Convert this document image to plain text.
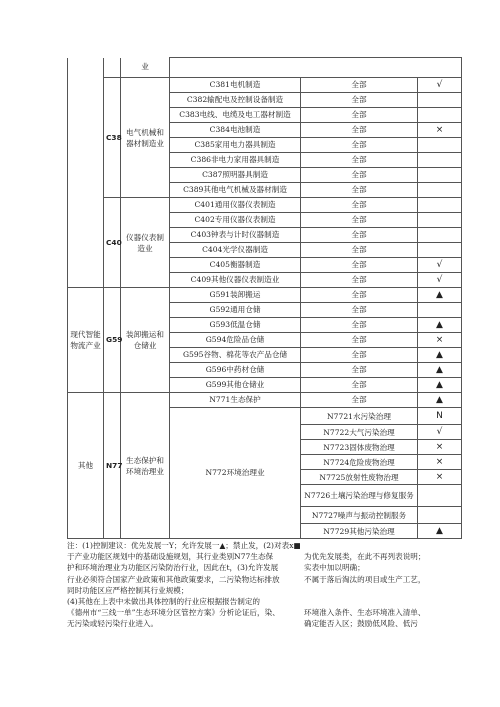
		业			
	C38	电气机械和器材制造业	C381电机制造	全部	√
			C382输配电及控制设备制造	全部	
			C383电线、电缆及电工器材制造	全部	
			C384电池制造	全部	×
			C385家用电力器具制造	全部	
			C386非电力家用器具制造	全部	
			C387照明器具制造	全部	
			C389其他电气机械及器材制造	全部	
	C40	仪器仪表制造业	C401通用仪器仪表制造	全部	
			C402专用仪器仪表制造	全部	
			C403钟表与计时仪器制造	全部	
			C404光学仪器制造	全部	
			C405衡器制造	全部	√
			C409其他仪器仪表制造业	全部	√
现代智能物流产业	G59	装卸搬运和仓储业	G591装卸搬运	全部	▲
			G592通用仓储	全部	
			G593低温仓储	全部	▲
			G594危险品仓储	全部	×
			G595谷物、棉花等农产品仓储	全部	▲
			G596中药材仓储	全部	▲
			G599其他仓储业	全部	▲
其他	N77	生态保护和环境治理业	N771生态保护	全部	▲
			N772环境治理业	N7721水污染治理	N
				N7722大气污染治理	√
				N7723固体废物治理	×
				N7724危险废物治理	×
				N7725放射性废物治理	×
				N7726土壤污染治理与修复服务	
				N7727噪声与振动控制服务	
				N7729其他污染治理	▲
注：(1)控制建议：优先发展一Y；允许发展一▲；禁止发，(2)对表x■
于产业功能区规划中的基础设施规划，其行业类别N77生态保	为优先发展类，在此不再列表说明；
护和环境治理业为功能区污染防治行业，因此在t，(3)允许发展	实表中加以明确；
行业必须符合国家产业政策和其他政策要求，二污染物达标排放	不属于落后淘汰的项目或生产工艺，
同时功能区应严格控制其行业规模；
(4)其他在上表中未做出具体控制的行业应根据报告制定的
《德州市“三线一单”生态环境分区管控方案》分析论证后，染、	环境准入条件、生态环境准入清单、
无污染或轻污染行业进入。	确定能否入区；鼓励低风险、低污
